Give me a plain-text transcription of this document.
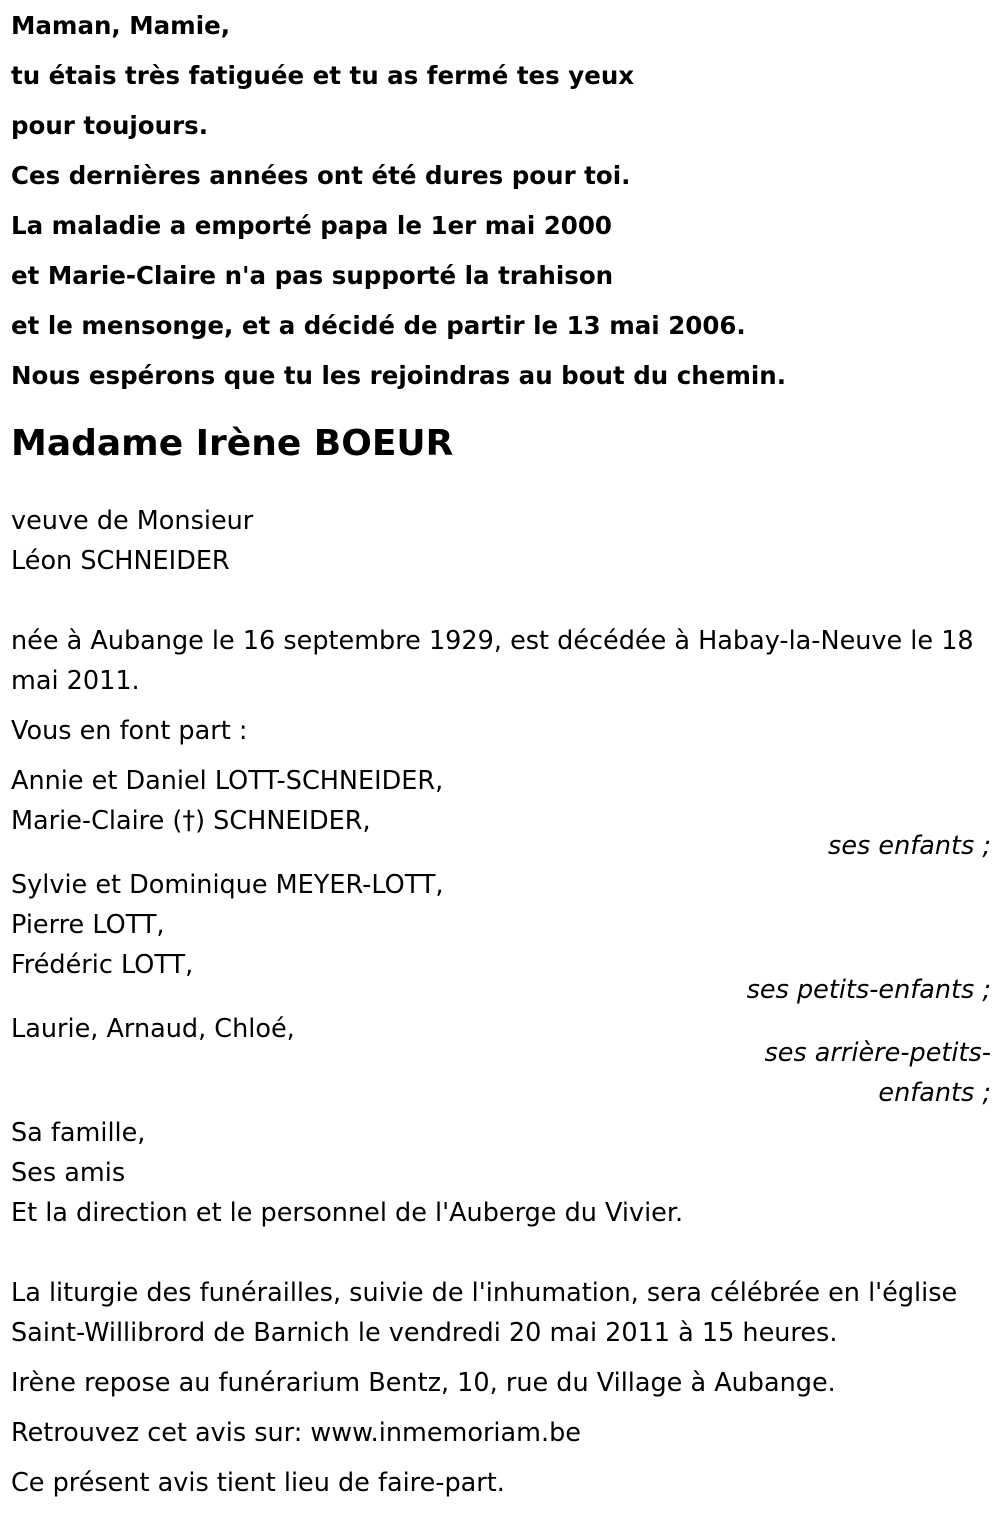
Maman, Mamie,

tu étais très fatiguée et tu as fermé tes yeux

pour toujours.

Ces dernières années ont été dures pour toi.

La maladie a emporté papa le 1er mai 2000

et Marie-Claire n'a pas supporté la trahison

et le mensonge, et a décidé de partir le 13 mai 2006.

Nous espérons que tu les rejoindras au bout du chemin.

Madame Irène BOEUR

veuve de Monsieur

Léon SCHNEIDER

née à Aubange le 16 septembre 1929, est décédée à Habay-la-Neuve le 18 mai 2011.

Vous en font part :

Annie et Daniel LOTT-SCHNEIDER,

Marie-Claire (†) SCHNEIDER,

ses enfants ;

Sylvie et Dominique MEYER-LOTT,

Pierre LOTT,

Frédéric LOTT,

ses petits-enfants ;

Laurie, Arnaud, Chloé,

ses arrière-petits-
enfants ;

Sa famille,

Ses amis

Et la direction et le personnel de l'Auberge du Vivier.

La liturgie des funérailles, suivie de l'inhumation, sera célébrée en l'église Saint-Willibrord de Barnich le vendredi 20 mai 2011 à 15 heures.

Irène repose au funérarium Bentz, 10, rue du Village à Aubange.

Retrouvez cet avis sur: www.inmemoriam.be

Ce présent avis tient lieu de faire-part.
